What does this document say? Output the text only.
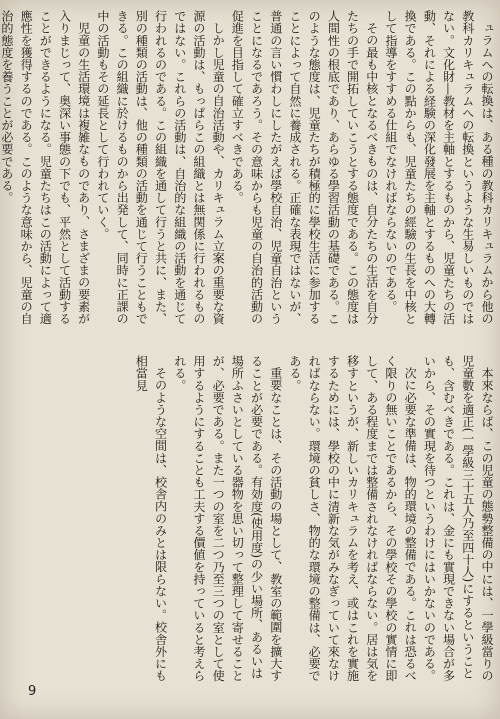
ュラムへの転換は、ある種の教科カリキュラムから他の教科カリキュラムへの転換というような生易しいものではない。文化財―教材を主軸とするものから、児童たちの活動、それによる経験の深化發展を主軸とするものへの大轉換である。この點からも、児童たちの經驗の生長を中核として指導をすすめる仕組でなければならないのである。

その最も中核となるべきものは、自分たちの生活を自分たちの手で開拓していこうとする態度である。この態度は人間性の根底であり、あらゆる學習活動の基礎である。このような態度は、児童たちが積極的に學校生活に参加することによって自然に養成される。正確な表現ではないが、普通の言い慣わしにしたがえば學校自治、児童自治ということになるであろう。その意味からも児童の自治的活動の促進を目指して確立すべきである。

しかし児童の自治活動や、カリキュラム立案の重要な資源の活動は、もっぱらこの組織とは無関係に行われるものではない。これらの活動は、自治的な組織の活動を通じて行われるのである。この組織を通して行うと共に、また、別の種類の活動は、他の種類の活動を通じて行うこともできる。この組織に於けるものから出発して、同時に正課の中の活動もその延長として行われていく。

児童の生活環境は複雑なものであり、さまざまの要素が入りまじって、奥深い事態の下でも、平然として活動することができるようになる。児童たちはこの活動によって適應性を獲得するのである。このような意味から、児童の自治的態度を養うことが必要である。

本來ならば、この児童の態勢整備の中には、一學級當りの児童數を適正(一學級三十五人乃至四十人)にするということも、含むべきである。これは、金にも實現できない場合が多いから、その實現を待つというわけにはいかないのである。

次に必要な準備は、物的環境の整備である。これは恐るべく限りの無いことであるから、その學校その學校の實情に即して、ある程度までは整備されなければならない。居は気を移すというが、新しいカリキュラムを考え、或はこれを實施するためには、學校の中に清新な気がみなぎっていて來なければならない。環境の貧しさ、物的な環境の整備は、必要である。

重要なことは、その活動の場として、教室の範圍を擴大することが必要である。有効度(使用度)の少い場所、あるいは場所ふさいとしている器物を思い切って整理して寄せることが、必要である。また一つの室を二つ乃至三つの室として使用するようにすることも工夫する價値を持っていると考えられる。

そのような空間は、校舎内のみとは限らない。校舎外にも相當見

9
